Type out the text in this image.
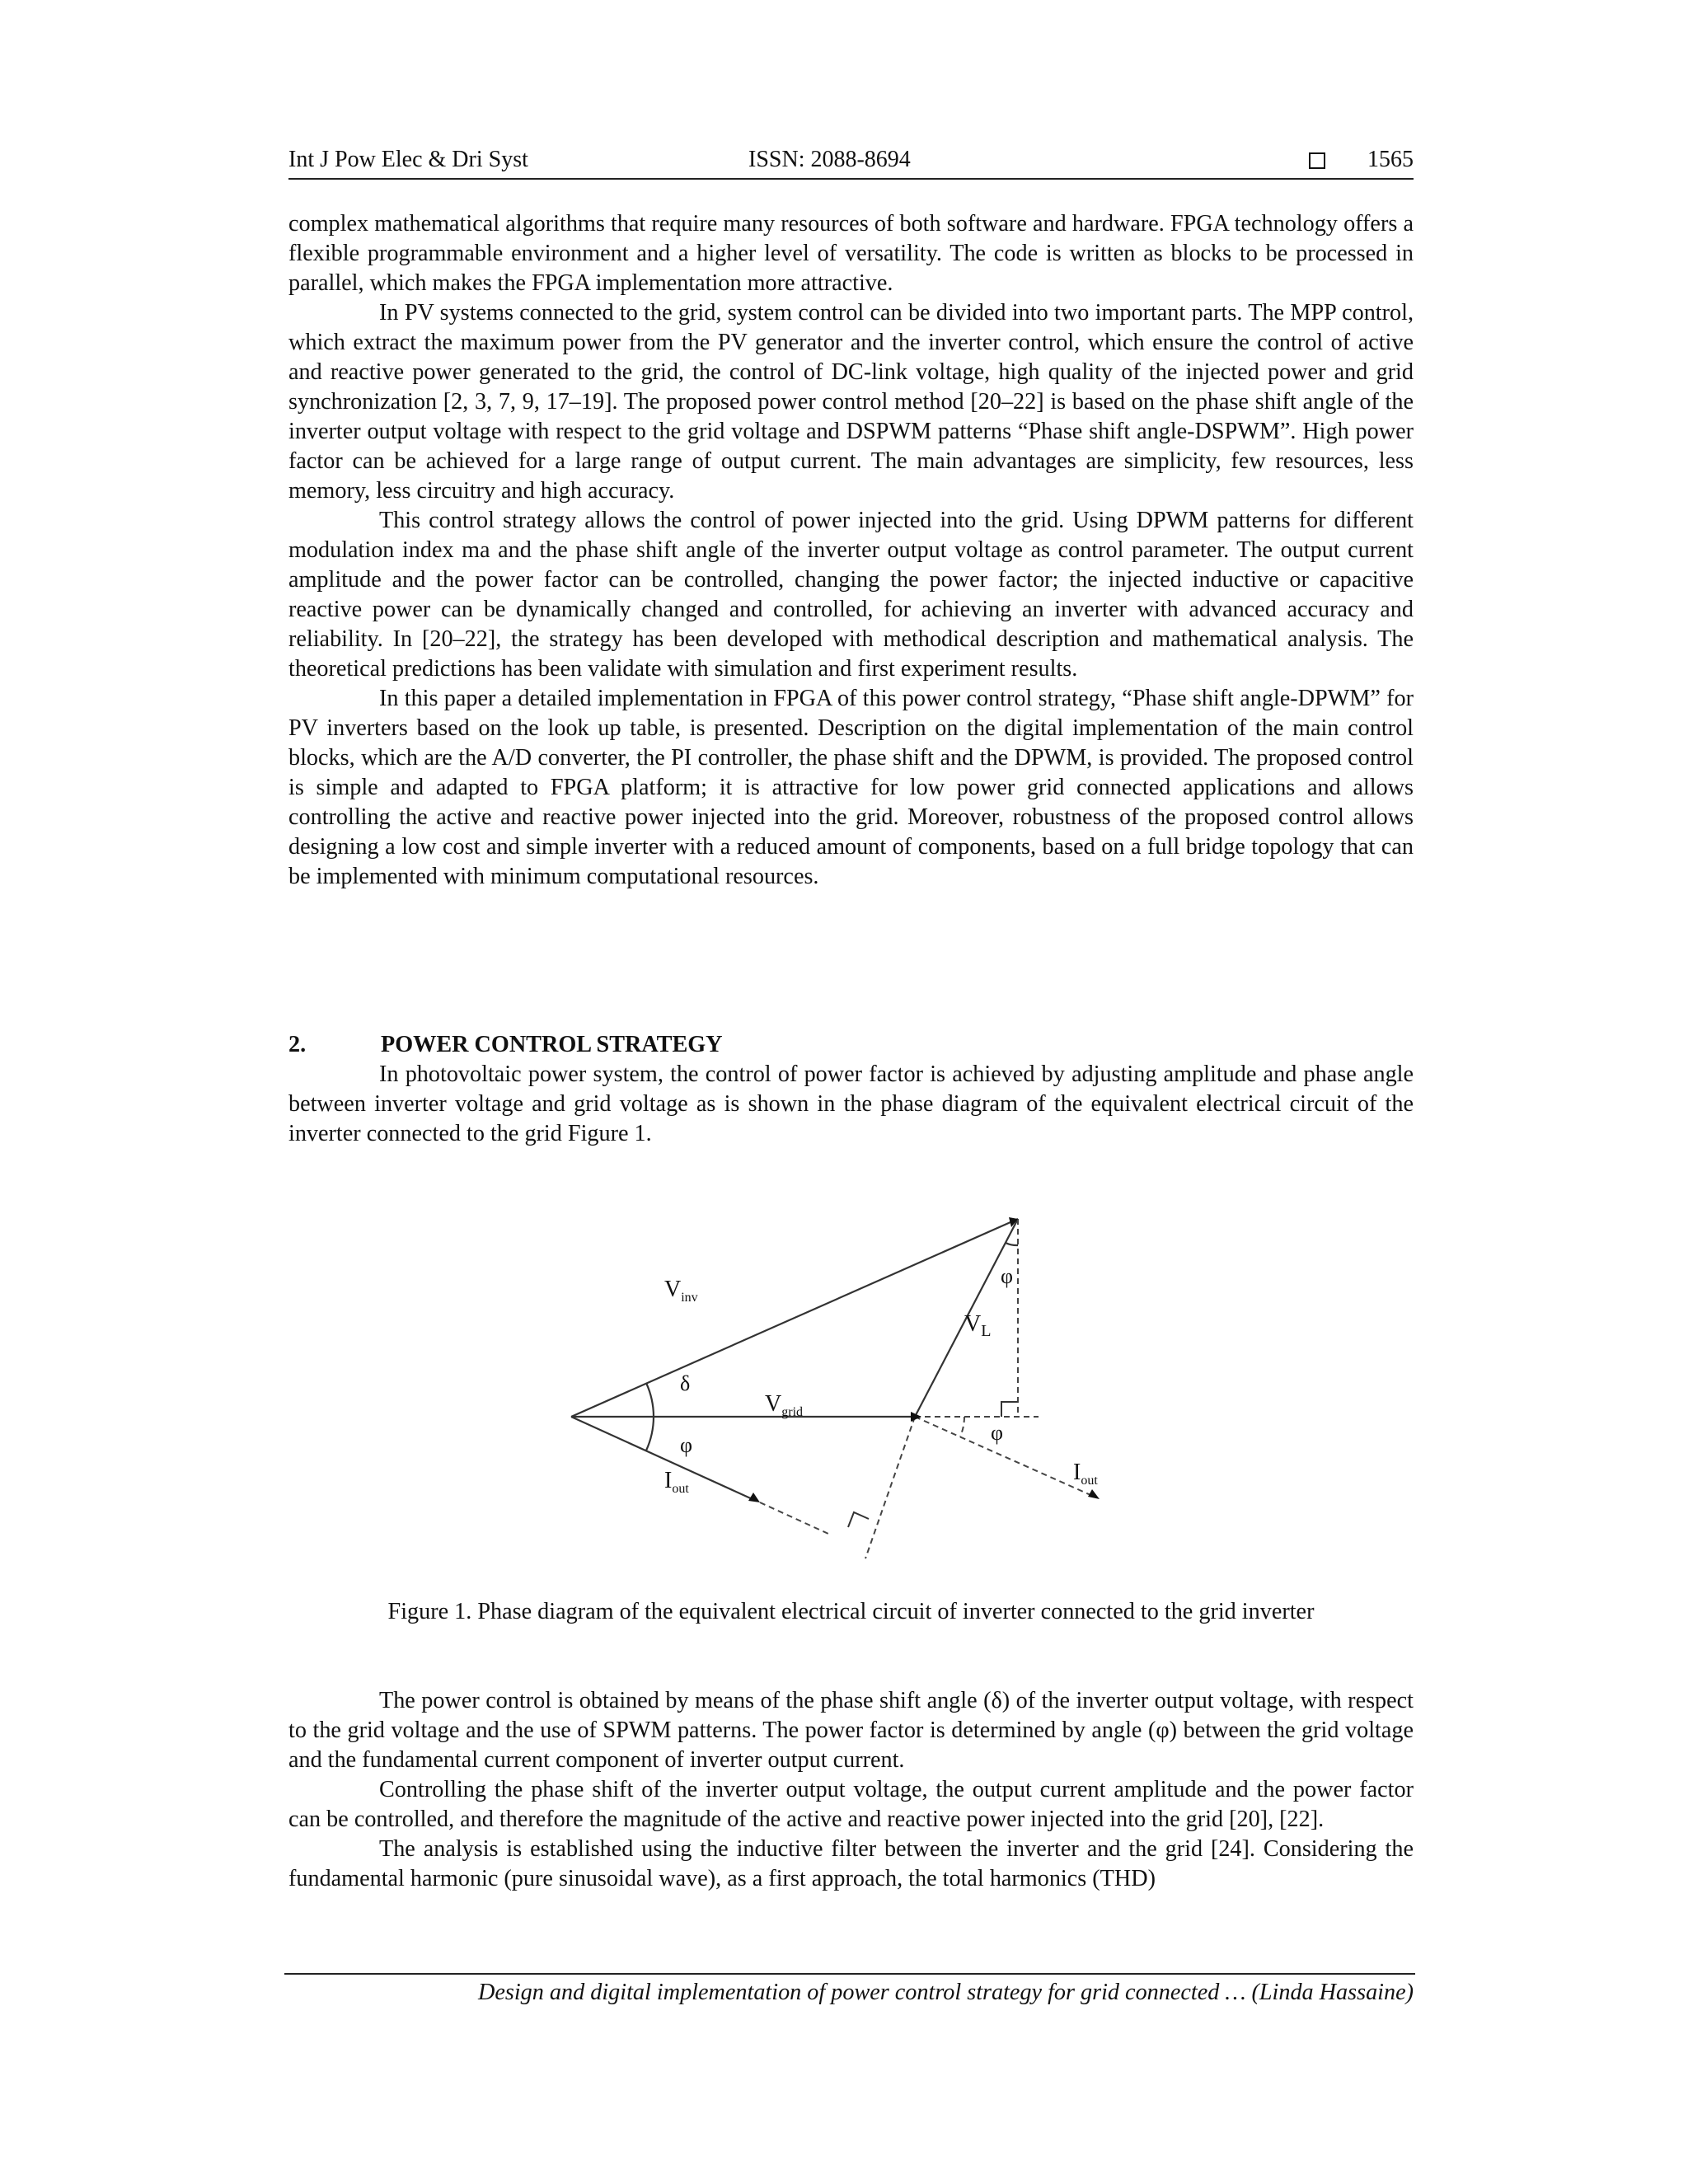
Int J Pow Elec & Dri Syst	ISSN: 2088-8694	1565

complex mathematical algorithms that require many resources of both software and hardware. FPGA technology offers a flexible programmable environment and a higher level of versatility. The code is written as blocks to be processed in parallel, which makes the FPGA implementation more attractive.

In PV systems connected to the grid, system control can be divided into two important parts. The MPP control, which extract the maximum power from the PV generator and the inverter control, which ensure the control of active and reactive power generated to the grid, the control of DC-link voltage, high quality of the injected power and grid synchronization [2, 3, 7, 9, 17–19]. The proposed power control method [20–22] is based on the phase shift angle of the inverter output voltage with respect to the grid voltage and DSPWM patterns “Phase shift angle-DSPWM”. High power factor can be achieved for a large range of output current. The main advantages are simplicity, few resources, less memory, less circuitry and high accuracy.

This control strategy allows the control of power injected into the grid. Using DPWM patterns for different modulation index ma and the phase shift angle of the inverter output voltage as control parameter. The output current amplitude and the power factor can be controlled, changing the power factor; the injected inductive or capacitive reactive power can be dynamically changed and controlled, for achieving an inverter with advanced accuracy and reliability. In [20–22], the strategy has been developed with methodical description and mathematical analysis. The theoretical predictions has been validate with simulation and first experiment results.

In this paper a detailed implementation in FPGA of this power control strategy, “Phase shift angle-DPWM” for PV inverters based on the look up table, is presented. Description on the digital implementation of the main control blocks, which are the A/D converter, the PI controller, the phase shift and the DPWM, is provided. The proposed control is simple and adapted to FPGA platform; it is attractive for low power grid connected applications and allows controlling the active and reactive power injected into the grid. Moreover, robustness of the proposed control allows designing a low cost and simple inverter with a reduced amount of components, based on a full bridge topology that can be implemented with minimum computational resources.

2.	POWER CONTROL STRATEGY

In photovoltaic power system, the control of power factor is achieved by adjusting amplitude and phase angle between inverter voltage and grid voltage as is shown in the phase diagram of the equivalent electrical circuit of the inverter connected to the grid Figure 1.

$V_{inv}$
$V_L$
$V_{grid}$
$I_{out}$
$I_{out}$
δ
φ
φ
φ
Figure 1. Phase diagram of the equivalent electrical circuit of inverter connected to the grid inverter

The power control is obtained by means of the phase shift angle (δ) of the inverter output voltage, with respect to the grid voltage and the use of SPWM patterns. The power factor is determined by angle (φ) between the grid voltage and the fundamental current component of inverter output current.

Controlling the phase shift of the inverter output voltage, the output current amplitude and the power factor can be controlled, and therefore the magnitude of the active and reactive power injected into the grid [20], [22].

The analysis is established using the inductive filter between the inverter and the grid [24]. Considering the fundamental harmonic (pure sinusoidal wave), as a first approach, the total harmonics (THD)

Design and digital implementation of power control strategy for grid connected … (Linda Hassaine)
